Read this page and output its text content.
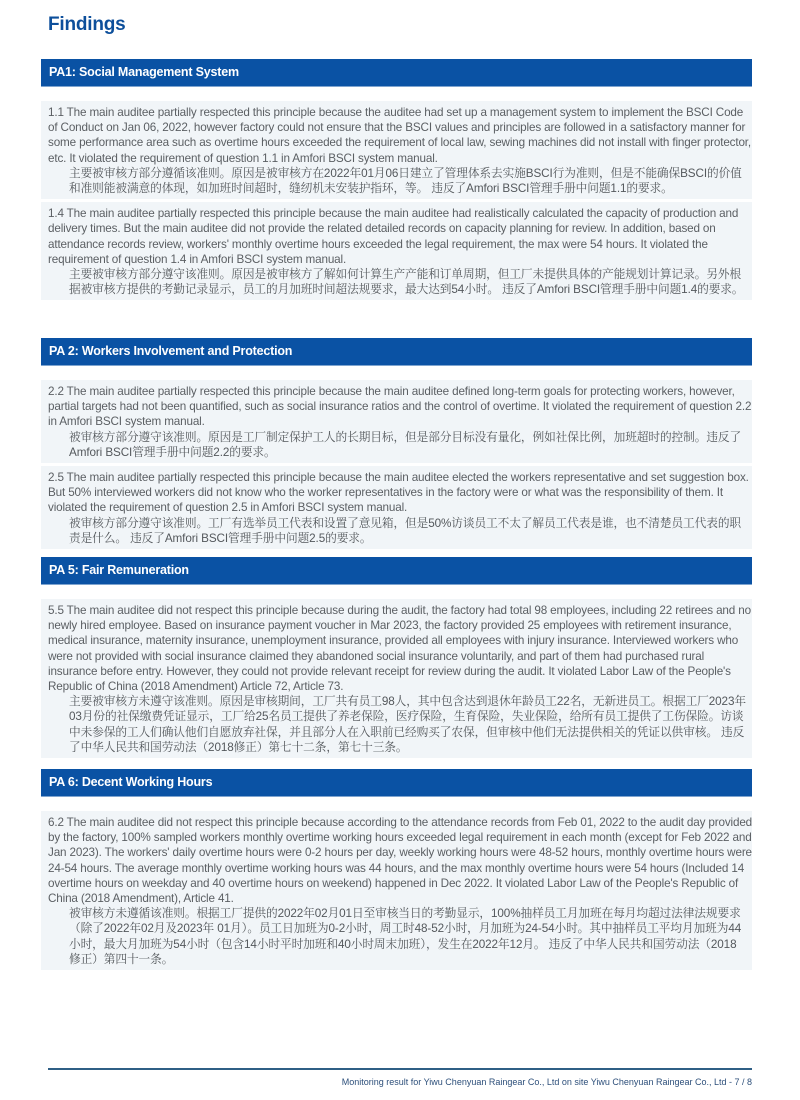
Findings
PA1: Social Management System

1.1 The main auditee partially respected this principle because the auditee had set up a management system to implement the BSCI Code of Conduct on Jan 06, 2022, however factory could not ensure that the BSCI values and principles are followed in a satisfactory manner for some performance area such as overtime hours exceeded the requirement of local law, sewing machines did not install with finger protector, etc. It violated the requirement of question 1.1 in Amfori BSCI system manual.

主要被审核方部分遵循该准则。原因是被审核方在2022年01月06日建立了管理体系去实施BSCI行为准则，但是不能确保BSCI的价值和准则能被满意的体现，如加班时间超时，缝纫机未安装护指环，等。 违反了Amfori BSCI管理手册中问题1.1的要求。

1.4 The main auditee partially respected this principle because the main auditee had realistically calculated the capacity of production and delivery times. But the main auditee did not provide the related detailed records on capacity planning for review. In addition, based on attendance records review, workers' monthly overtime hours exceeded the legal requirement, the max were 54 hours. It violated the requirement of question 1.4 in Amfori BSCI system manual.

主要被审核方部分遵守该准则。原因是被审核方了解如何计算生产产能和订单周期，但工厂未提供具体的产能规划计算记录。另外根据被审核方提供的考勤记录显示，员工的月加班时间超法规要求，最大达到54小时。 违反了Amfori BSCI管理手册中问题1.4的要求。

PA 2: Workers Involvement and Protection

2.2 The main auditee partially respected this principle because the main auditee defined long-term goals for protecting workers, however, partial targets had not been quantified, such as social insurance ratios and the control of overtime. It violated the requirement of question 2.2 in Amfori BSCI system manual.

被审核方部分遵守该准则。原因是工厂制定保护工人的长期目标，但是部分目标没有量化，例如社保比例，加班超时的控制。违反了Amfori BSCI管理手册中问题2.2的要求。

2.5 The main auditee partially respected this principle because the main auditee elected the workers representative and set suggestion box. But 50% interviewed workers did not know who the worker representatives in the factory were or what was the responsibility of them. It violated the requirement of question 2.5 in Amfori BSCI system manual.

被审核方部分遵守该准则。工厂有选举员工代表和设置了意见箱，但是50%访谈员工不太了解员工代表是谁，也不清楚员工代表的职责是什么。 违反了Amfori BSCI管理手册中问题2.5的要求。

PA 5: Fair Remuneration

5.5 The main auditee did not respect this principle because during the audit, the factory had total 98 employees, including 22 retirees and no newly hired employee. Based on insurance payment voucher in Mar 2023, the factory provided 25 employees with retirement insurance, medical insurance, maternity insurance, unemployment insurance, provided all employees with injury insurance. Interviewed workers who were not provided with social insurance claimed they abandoned social insurance voluntarily, and part of them had purchased rural insurance before entry. However, they could not provide relevant receipt for review during the audit. It violated Labor Law of the People's Republic of China (2018 Amendment) Article 72, Article 73.

主要被审核方未遵守该准则。原因是审核期间，工厂共有员工98人，其中包含达到退休年龄员工22名，无新进员工。根据工厂2023年03月份的社保缴费凭证显示，工厂给25名员工提供了养老保险，医疗保险，生育保险，失业保险，给所有员工提供了工伤保险。访谈中未参保的工人们确认他们自愿放弃社保，并且部分人在入职前已经购买了农保，但审核中他们无法提供相关的凭证以供审核。 违反了中华人民共和国劳动法（2018修正）第七十二条，第七十三条。

PA 6: Decent Working Hours

6.2 The main auditee did not respect this principle because according to the attendance records from Feb 01, 2022 to the audit day provided by the factory, 100% sampled workers monthly overtime working hours exceeded legal requirement in each month (except for Feb 2022 and Jan 2023). The workers' daily overtime hours were 0-2 hours per day, weekly working hours were 48-52 hours, monthly overtime hours were 24-54 hours. The average monthly overtime working hours was 44 hours, and the max monthly overtime hours were 54 hours (Included 14 overtime hours on weekday and 40 overtime hours on weekend) happened in Dec 2022. It violated Labor Law of the People's Republic of China (2018 Amendment), Article 41.

被审核方未遵循该准则。根据工厂提供的2022年02月01日至审核当日的考勤显示，100%抽样员工月加班在每月均超过法律法规要求（除了2022年02月及2023年 01月）。员工日加班为0-2小时，周工时48-52小时，月加班为24-54小时。其中抽样员工平均月加班为44小时，最大月加班为54小时（包含14小时平时加班和40小时周末加班），发生在2022年12月。 违反了中华人民共和国劳动法（2018修正）第四十一条。

Monitoring result for Yiwu Chenyuan Raingear Co., Ltd on site Yiwu Chenyuan Raingear Co., Ltd - 7 / 8
